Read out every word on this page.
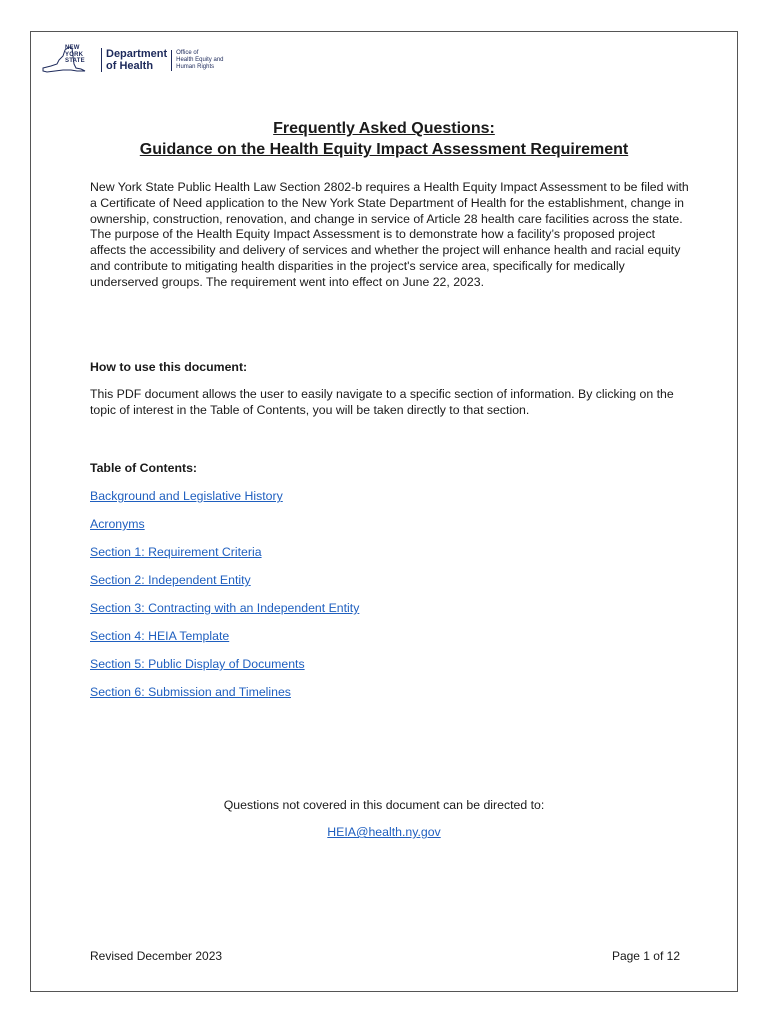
NEW
YORK
STATE
Department
of Health
Office of
Health Equity and
Human Rights
Frequently Asked Questions:
Guidance on the Health Equity Impact Assessment Requirement
New York State Public Health Law Section 2802-b requires a Health Equity Impact Assessment to be filed with a Certificate of Need application to the New York State Department of Health for the establishment, change in ownership, construction, renovation, and change in service of Article 28 health care facilities across the state. The purpose of the Health Equity Impact Assessment is to demonstrate how a facility’s proposed project affects the accessibility and delivery of services and whether the project will enhance health and racial equity and contribute to mitigating health disparities in the project's service area, specifically for medically underserved groups. The requirement went into effect on June 22, 2023.
How to use this document:
This PDF document allows the user to easily navigate to a specific section of information. By clicking on the topic of interest in the Table of Contents, you will be taken directly to that section.
Table of Contents:
Background and Legislative History
Acronyms
Section 1: Requirement Criteria
Section 2: Independent Entity
Section 3: Contracting with an Independent Entity
Section 4: HEIA Template
Section 5: Public Display of Documents
Section 6: Submission and Timelines
Questions not covered in this document can be directed to:
HEIA@health.ny.gov
Revised December 2023	Page 1 of 12
